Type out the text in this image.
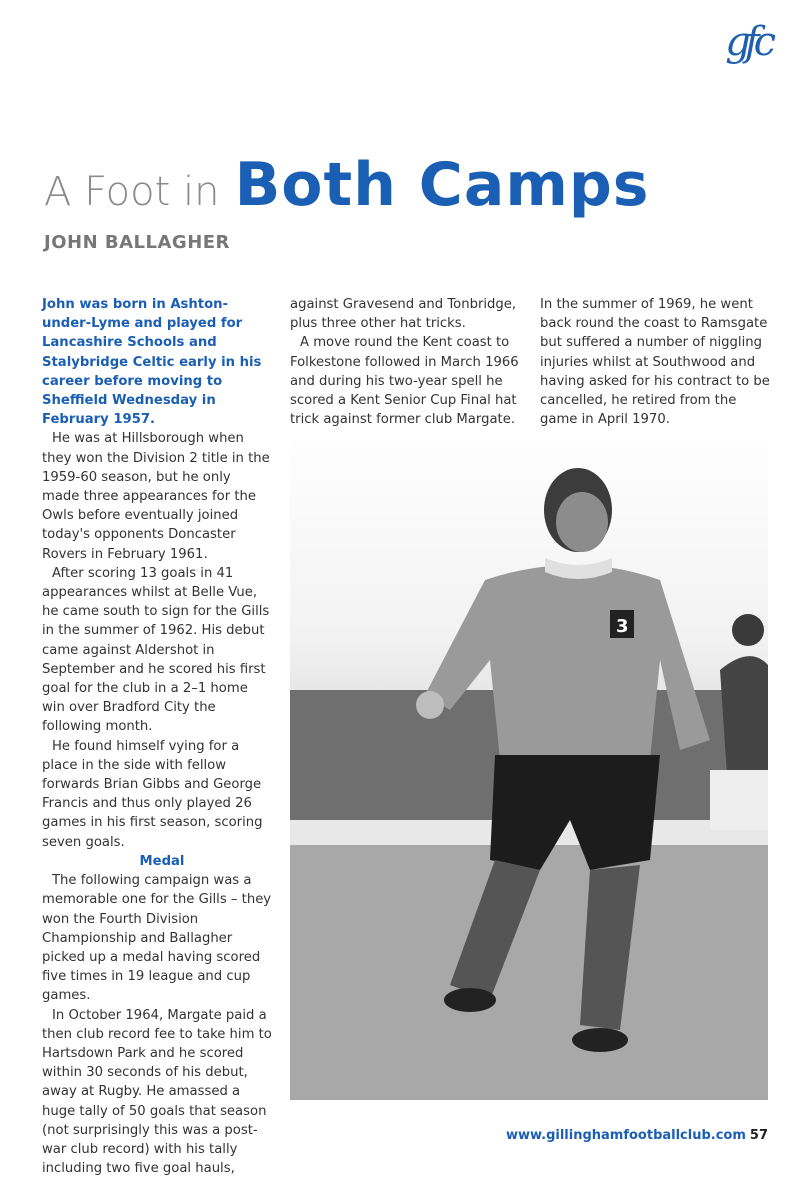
gfc
A Foot in Both Camps
JOHN BALLAGHER

John was born in Ashton-under-Lyme and played for Lancashire Schools and Stalybridge Celtic early in his career before moving to Sheffield Wednesday in February 1957.

He was at Hillsborough when they won the Division 2 title in the 1959-60 season, but he only made three appearances for the Owls before eventually joined today's opponents Doncaster Rovers in February 1961.

After scoring 13 goals in 41 appearances whilst at Belle Vue, he came south to sign for the Gills in the summer of 1962. His debut came against Aldershot in September and he scored his first goal for the club in a 2–1 home win over Bradford City the following month.

He found himself vying for a place in the side with fellow forwards Brian Gibbs and George Francis and thus only played 26 games in his first season, scoring seven goals.

Medal

The following campaign was a memorable one for the Gills – they won the Fourth Division Championship and Ballagher picked up a medal having scored five times in 19 league and cup games.

In October 1964, Margate paid a then club record fee to take him to Hartsdown Park and he scored within 30 seconds of his debut, away at Rugby. He amassed a huge tally of 50 goals that season (not surprisingly this was a post-war club record) with his tally including two five goal hauls,

against Gravesend and Tonbridge, plus three other hat tricks.

A move round the Kent coast to Folkestone followed in March 1966 and during his two-year spell he scored a Kent Senior Cup Final hat trick against former club Margate.

In the summer of 1969, he went back round the coast to Ramsgate but suffered a number of niggling injuries whilst at Southwood and having asked for his contract to be cancelled, he retired from the game in April 1970.

3
www.gillinghamfootballclub.com 57
